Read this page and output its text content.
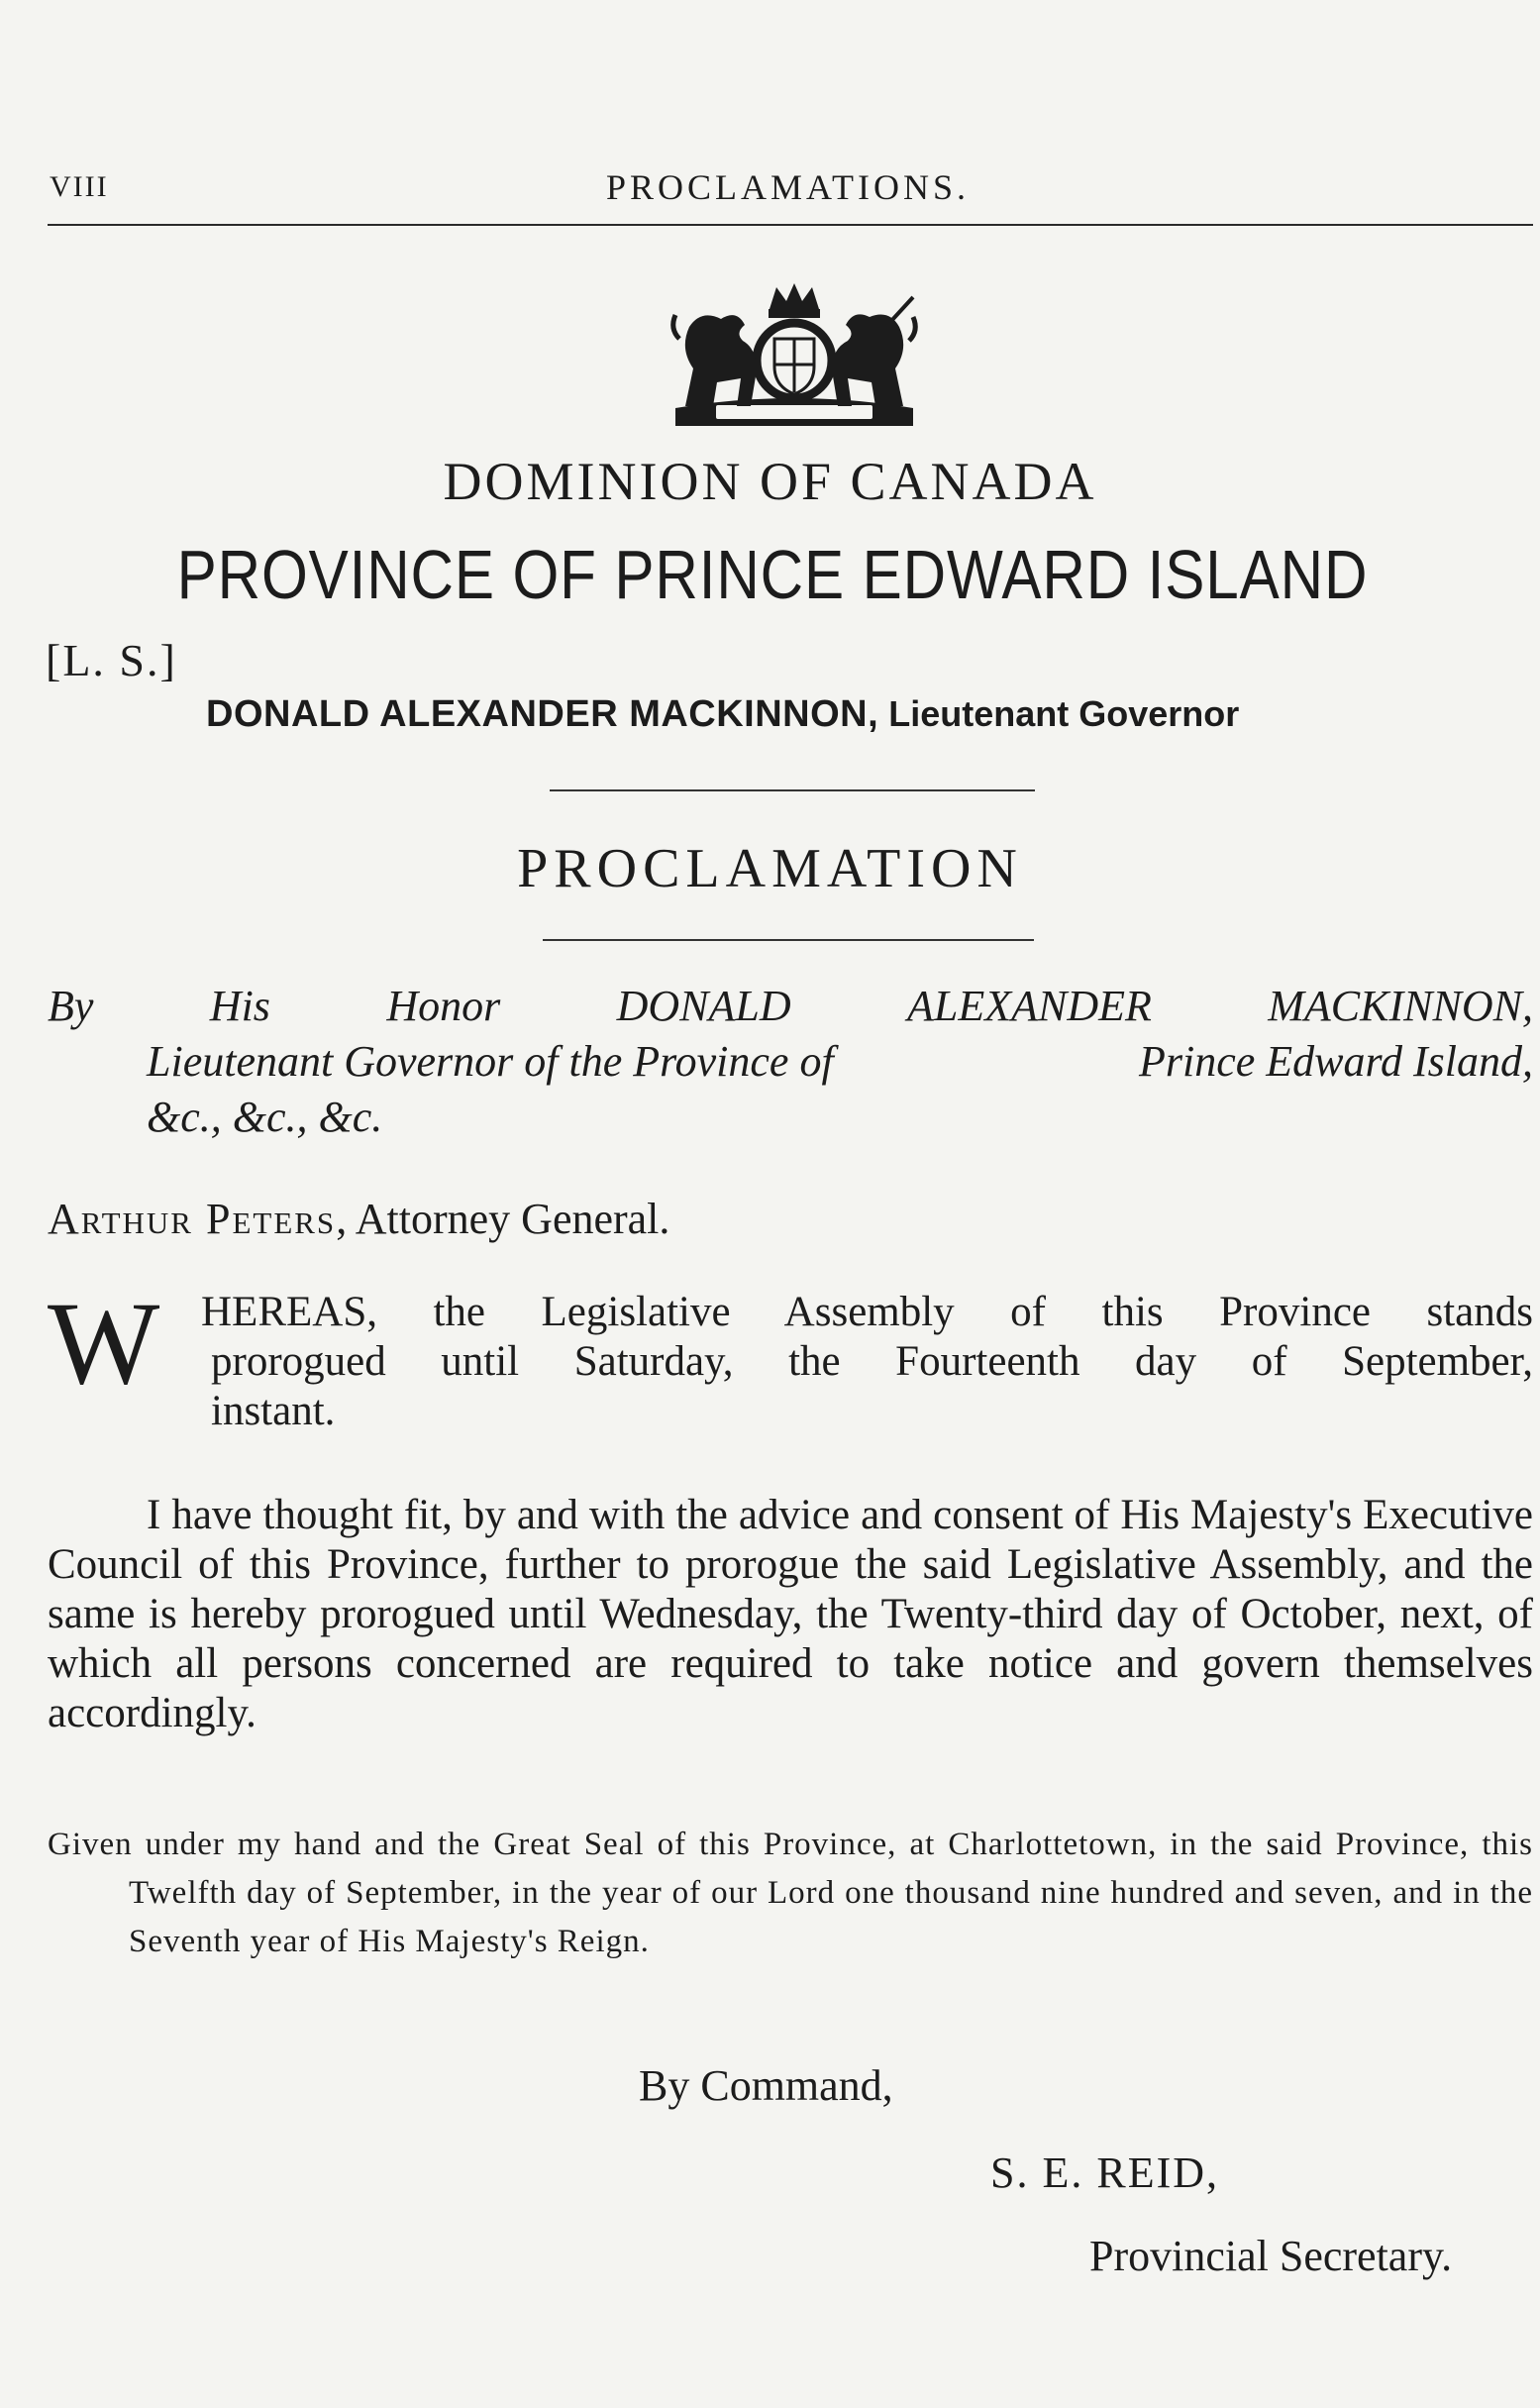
VIII	PROCLAMATIONS.
DOMINION OF CANADA
PROVINCE OF PRINCE EDWARD ISLAND
[L. S.]
DONALD ALEXANDER MACKINNON, Lieutenant Governor
PROCLAMATION
By	His	Honor	DONALD	ALEXANDER	MACKINNON,
Lieutenant Governor of the Province of	Prince Edward Island,
&c., &c., &c.
Arthur Peters, Attorney General.
W HEREAS, the Legislative Assembly of this Province stands
prorogued until Saturday, the Fourteenth day of September,
instant.
I have thought fit, by and with the advice and consent of His Majesty's Executive Council of this Province, further to prorogue the said Legislative Assembly, and the same is hereby prorogued until Wednesday, the Twenty-third day of October, next, of which all persons concerned are required to take notice and govern themselves accordingly.
Given under my hand and the Great Seal of this Province, at Charlottetown, in the said Province, this Twelfth day of September, in the year of our Lord one thousand nine hundred and seven, and in the Seventh year of His Majesty's Reign.
By Command,
S. E. REID,
Provincial Secretary.
